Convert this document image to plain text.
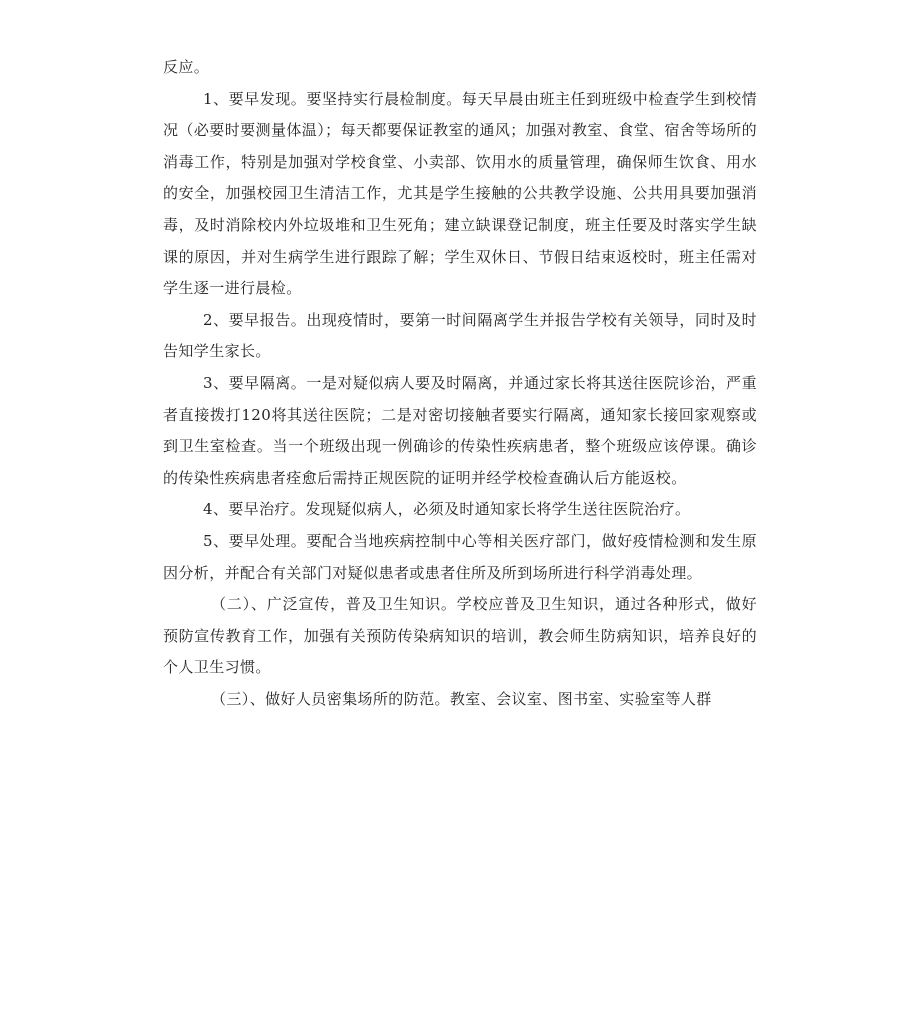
反应。

1、要早发现。要坚持实行晨检制度。每天早晨由班主任到班级中检查学生到校情况（必要时要测量体温）；每天都要保证教室的通风；加强对教室、食堂、宿舍等场所的消毒工作，特别是加强对学校食堂、小卖部、饮用水的质量管理，确保师生饮食、用水的安全，加强校园卫生清洁工作，尤其是学生接触的公共教学设施、公共用具要加强消毒，及时消除校内外垃圾堆和卫生死角；建立缺课登记制度，班主任要及时落实学生缺课的原因，并对生病学生进行跟踪了解；学生双休日、节假日结束返校时，班主任需对学生逐一进行晨检。

2、要早报告。出现疫情时，要第一时间隔离学生并报告学校有关领导，同时及时告知学生家长。

3、要早隔离。一是对疑似病人要及时隔离，并通过家长将其送往医院诊治，严重者直接拨打120将其送往医院；二是对密切接触者要实行隔离，通知家长接回家观察或到卫生室检查。当一个班级出现一例确诊的传染性疾病患者，整个班级应该停课。确诊的传染性疾病患者痊愈后需持正规医院的证明并经学校检查确认后方能返校。

4、要早治疗。发现疑似病人，必须及时通知家长将学生送往医院治疗。

5、要早处理。要配合当地疾病控制中心等相关医疗部门，做好疫情检测和发生原因分析，并配合有关部门对疑似患者或患者住所及所到场所进行科学消毒处理。

（二）、广泛宣传，普及卫生知识。学校应普及卫生知识，通过各种形式，做好预防宣传教育工作，加强有关预防传染病知识的培训，教会师生防病知识，培养良好的个人卫生习惯。

（三）、做好人员密集场所的防范。教室、会议室、图书室、实验室等人群
